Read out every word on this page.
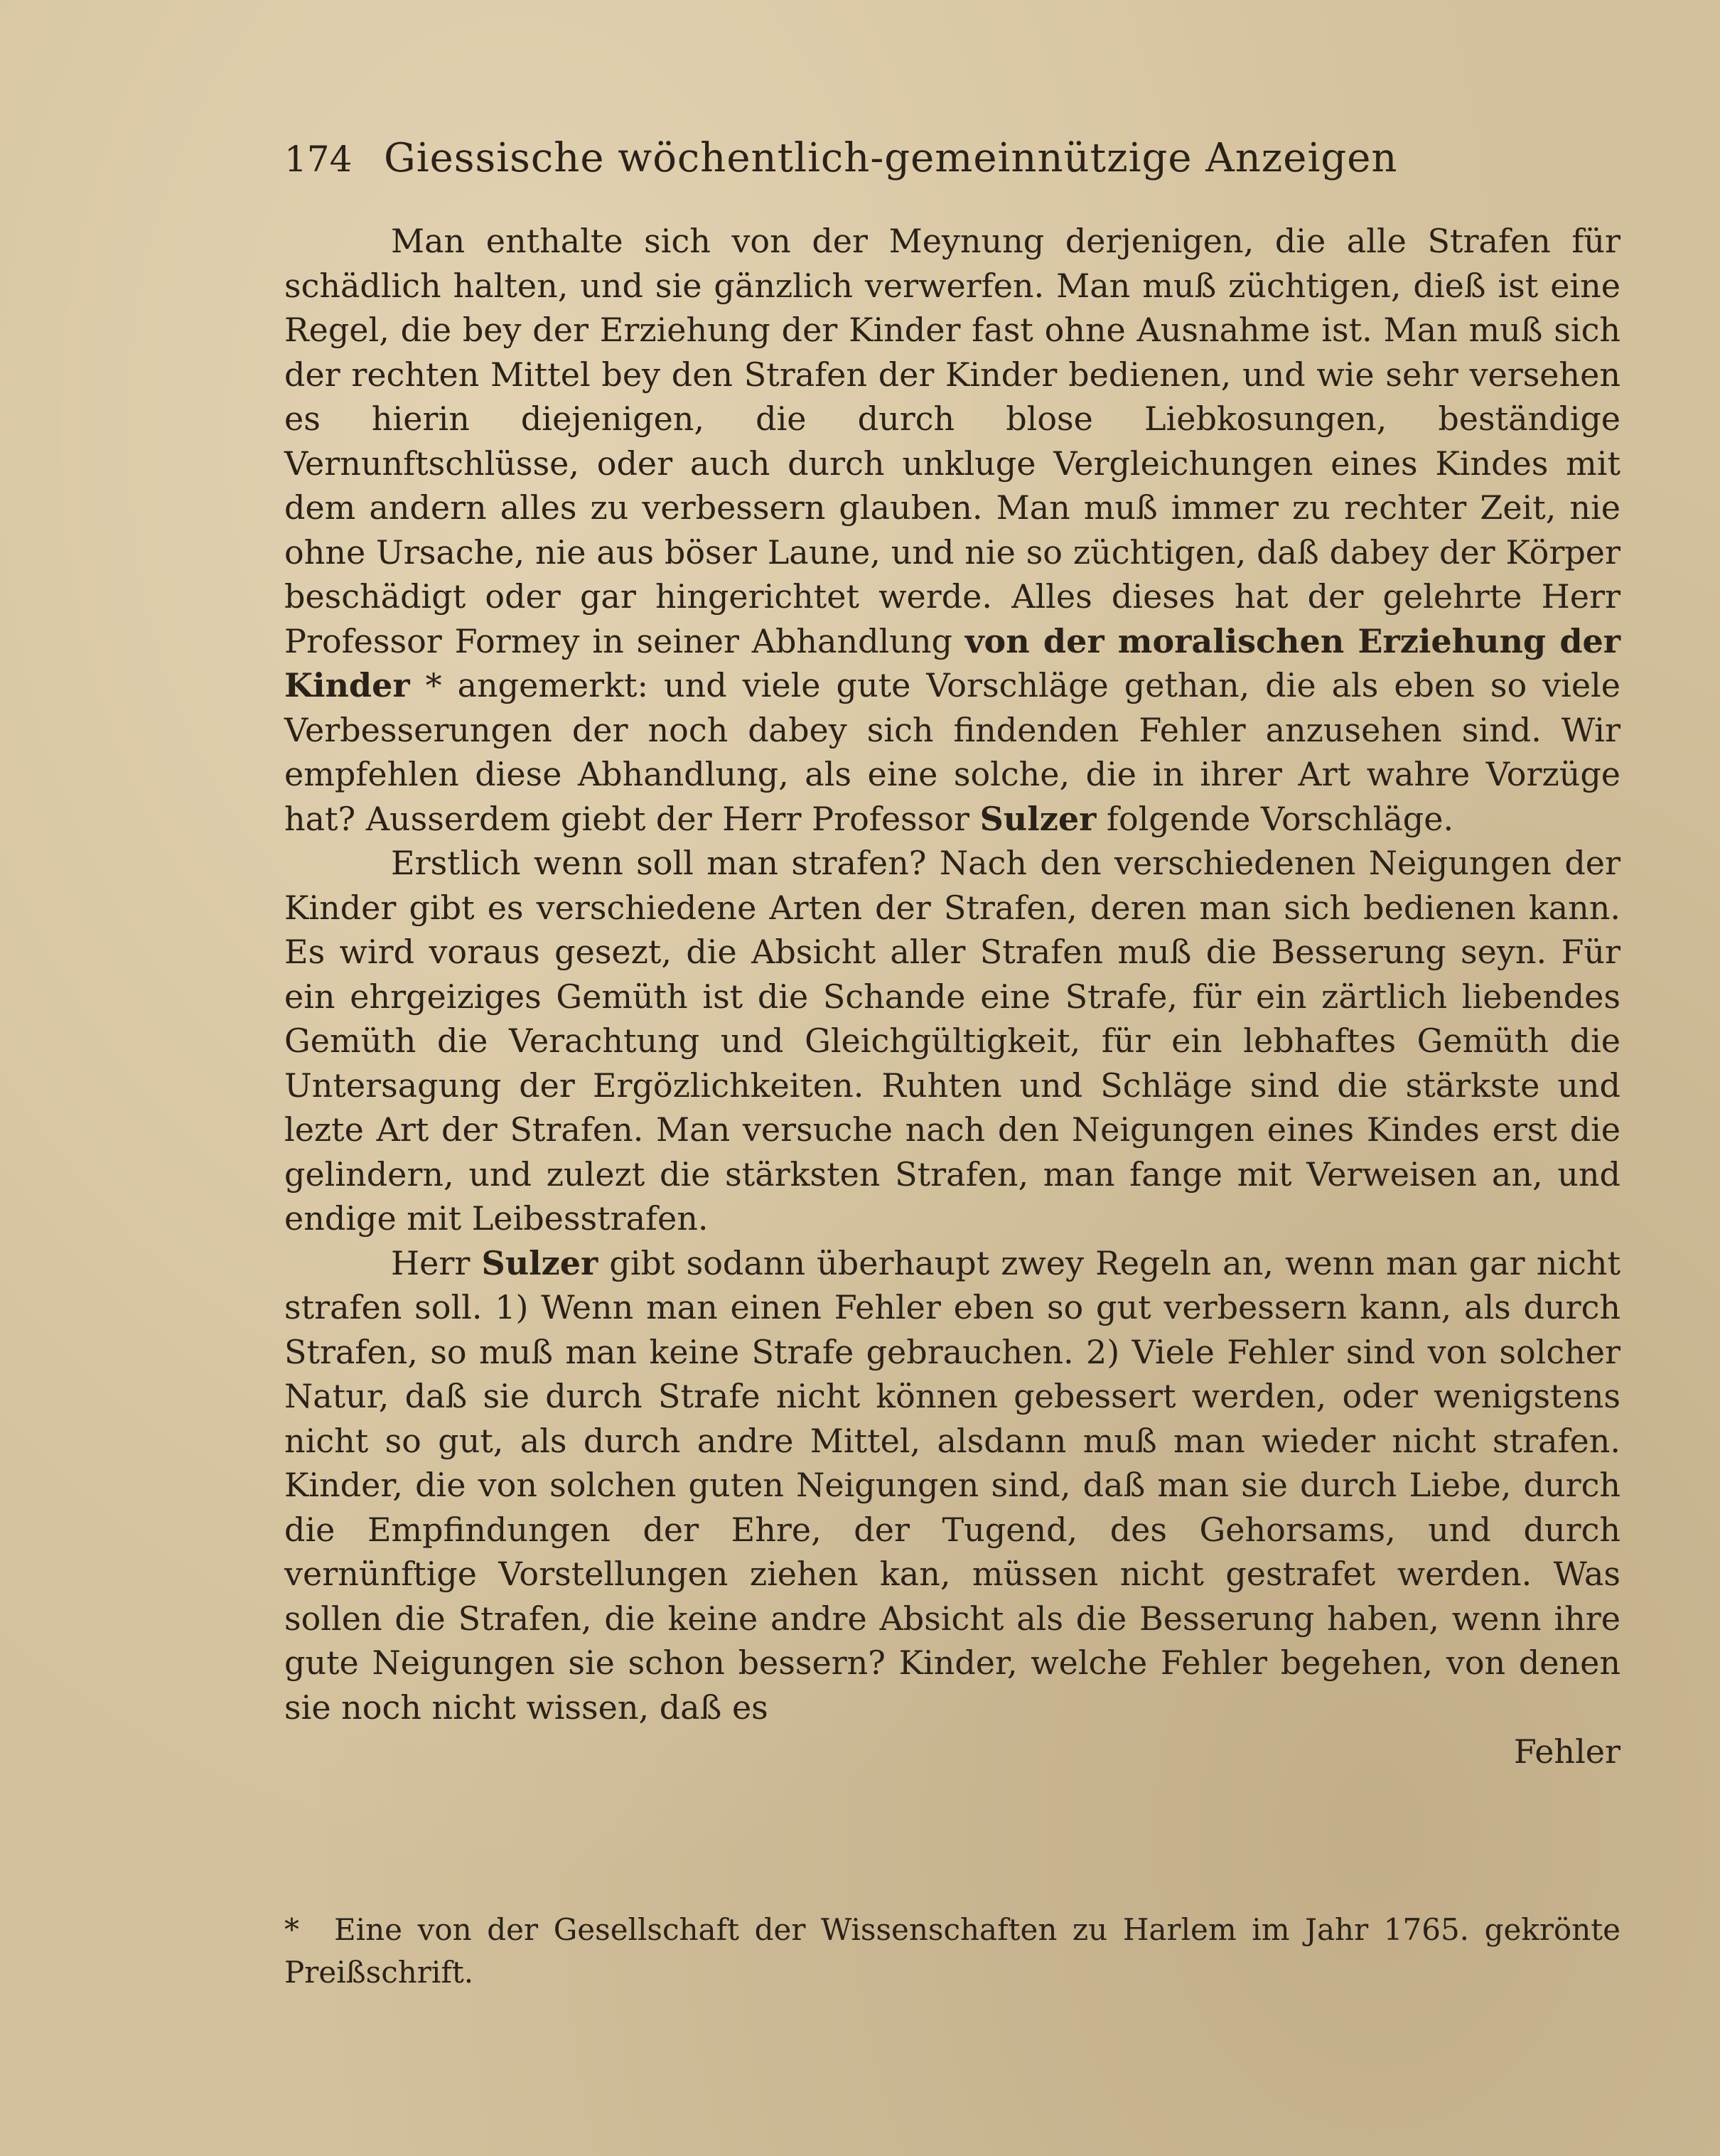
174 Giessische wöchentlich-gemeinnützige Anzeigen

Man enthalte sich von der Meynung derjenigen, die alle Strafen für schädlich halten, und sie gänzlich verwerfen. Man muß züchtigen, dieß ist eine Regel, die bey der Erziehung der Kinder fast ohne Ausnahme ist. Man muß sich der rechten Mittel bey den Strafen der Kinder bedienen, und wie sehr versehen es hierin diejenigen, die durch blose Liebkosungen, beständige Vernunftschlüsse, oder auch durch unkluge Vergleichungen eines Kindes mit dem andern alles zu verbessern glauben. Man muß immer zu rechter Zeit, nie ohne Ursache, nie aus böser Laune, und nie so züchtigen, daß dabey der Körper beschädigt oder gar hingerichtet werde. Alles dieses hat der gelehrte Herr Professor Formey in seiner Abhandlung von der moralischen Erziehung der Kinder * angemerkt: und viele gute Vorschläge gethan, die als eben so viele Verbesserungen der noch dabey sich findenden Fehler anzusehen sind. Wir empfehlen diese Abhandlung, als eine solche, die in ihrer Art wahre Vorzüge hat? Ausserdem giebt der Herr Professor Sulzer folgende Vorschläge.

Erstlich wenn soll man strafen? Nach den verschiedenen Neigungen der Kinder gibt es verschiedene Arten der Strafen, deren man sich bedienen kann. Es wird voraus gesezt, die Absicht aller Strafen muß die Besserung seyn. Für ein ehrgeiziges Gemüth ist die Schande eine Strafe, für ein zärtlich liebendes Gemüth die Verachtung und Gleichgültigkeit, für ein lebhaftes Gemüth die Untersagung der Ergözlichkeiten. Ruhten und Schläge sind die stärkste und lezte Art der Strafen. Man versuche nach den Neigungen eines Kindes erst die gelindern, und zulezt die stärksten Strafen, man fange mit Verweisen an, und endige mit Leibesstrafen.

Herr Sulzer gibt sodann überhaupt zwey Regeln an, wenn man gar nicht strafen soll. 1) Wenn man einen Fehler eben so gut verbessern kann, als durch Strafen, so muß man keine Strafe gebrauchen. 2) Viele Fehler sind von solcher Natur, daß sie durch Strafe nicht können gebessert werden, oder wenigstens nicht so gut, als durch andre Mittel, alsdann muß man wieder nicht strafen. Kinder, die von solchen guten Neigungen sind, daß man sie durch Liebe, durch die Empfindungen der Ehre, der Tugend, des Gehorsams, und durch vernünftige Vorstellungen ziehen kan, müssen nicht gestrafet werden. Was sollen die Strafen, die keine andre Absicht als die Besserung haben, wenn ihre gute Neigungen sie schon bessern? Kinder, welche Fehler begehen, von denen sie noch nicht wissen, daß es

Fehler

* Eine von der Gesellschaft der Wissenschaften zu Harlem im Jahr 1765. gekrönte Preißschrift.
